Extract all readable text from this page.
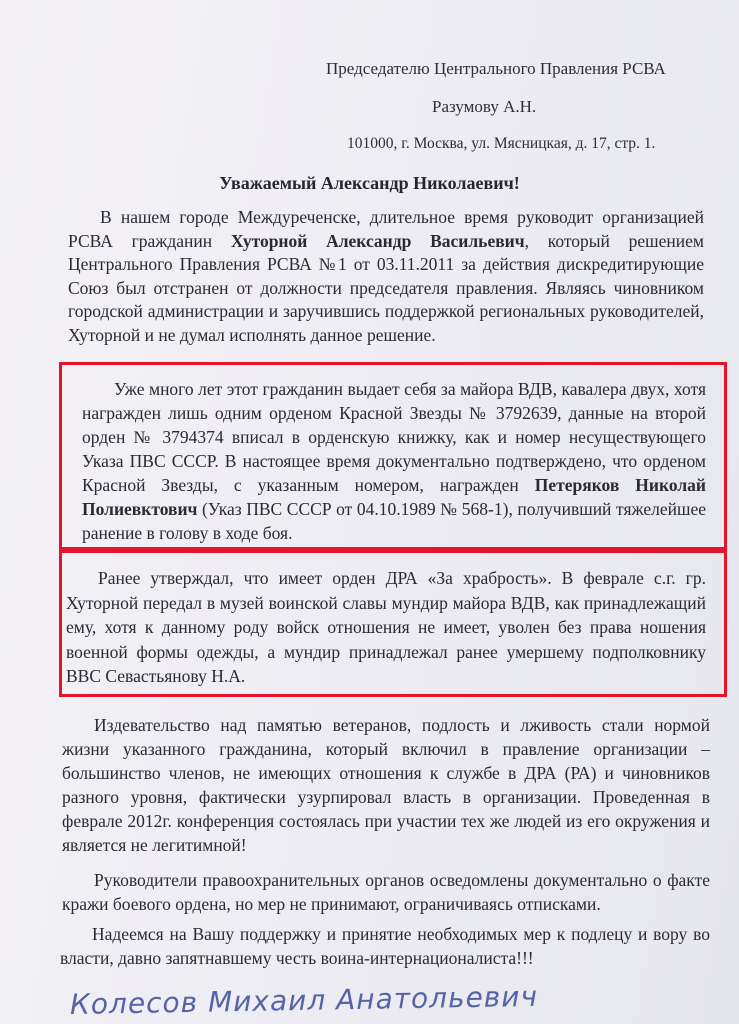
Председателю Центрального Правления РСВА
Разумову А.Н.
101000, г. Москва, ул. Мясницкая, д. 17, стр. 1.
Уважаемый Александр Николаевич!

В нашем городе Междуреченске, длительное время руководит организацией РСВА гражданин Хуторной Александр Васильевич, который решением Центрального Правления РСВА №1 от 03.11.2011 за действия дискредитирующие Союз был отстранен от должности председателя правления. Являясь чиновником городской администрации и заручившись поддержкой региональных руководителей, Хуторной и не думал исполнять данное решение.

Уже много лет этот гражданин выдает себя за майора ВДВ, кавалера двух, хотя награжден лишь одним орденом Красной Звезды № 3792639, данные на второй орден № 3794374 вписал в орденскую книжку, как и номер несуществующего Указа ПВС СССР. В настоящее время документально подтверждено, что орденом Красной Звезды, с указанным номером, награжден Петеряков Николай Полиевктович (Указ ПВС СССР от 04.10.1989 № 568-1), получивший тяжелейшее ранение в голову в ходе боя.

Ранее утверждал, что имеет орден ДРА «За храбрость». В феврале с.г. гр. Хуторной передал в музей воинской славы мундир майора ВДВ, как принадлежащий ему, хотя к данному роду войск отношения не имеет, уволен без права ношения военной формы одежды, а мундир принадлежал ранее умершему подполковнику ВВС Севастьянову Н.А.

Издевательство над памятью ветеранов, подлость и лживость стали нормой жизни указанного гражданина, который включил в правление организации – большинство членов, не имеющих отношения к службе в ДРА (РА) и чиновников разного уровня, фактически узурпировал власть в организации. Проведенная в феврале 2012г. конференция состоялась при участии тех же людей из его окружения и является не легитимной!

Руководители правоохранительных органов осведомлены документально о факте кражи боевого ордена, но мер не принимают, ограничиваясь отписками.

Надеемся на Вашу поддержку и принятие необходимых мер к подлецу и вору во власти, давно запятнавшему честь воина-интернационалиста!!!

Колесов Михаил Анатольевич
